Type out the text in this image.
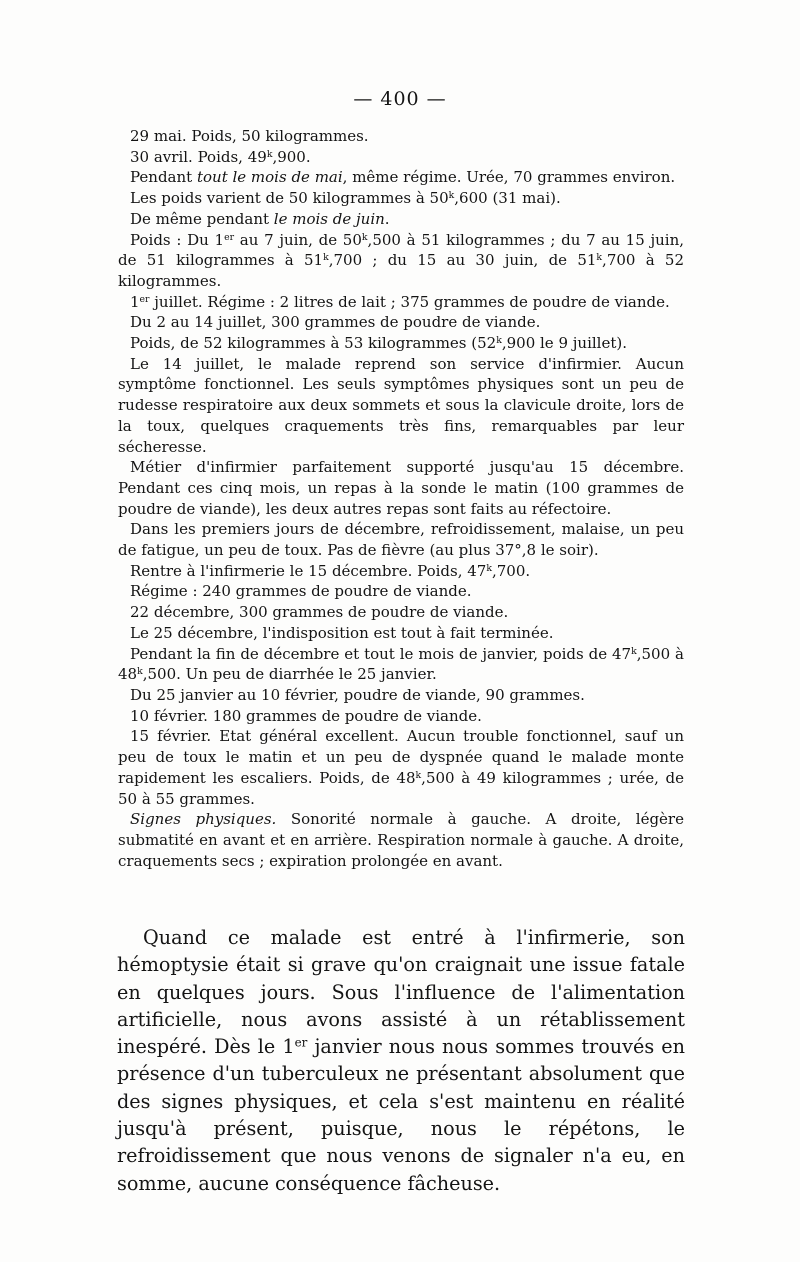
— 400 —

29 mai. Poids, 50 kilogrammes.

30 avril. Poids, 49$^k$,900.

Pendant tout le mois de mai, même régime. Urée, 70 grammes environ.

Les poids varient de 50 kilogrammes à 50$^k$,600 (31 mai).

De même pendant le mois de juin.

Poids : Du 1er au 7 juin, de 50$^k$,500 à 51 kilogrammes ; du 7 au 15 juin, de 51 kilogrammes à 51$^k$,700 ; du 15 au 30 juin, de 51$^k$,700 à 52 kilogrammes.

1er juillet. Régime : 2 litres de lait ; 375 grammes de poudre de viande.

Du 2 au 14 juillet, 300 grammes de poudre de viande.

Poids, de 52 kilogrammes à 53 kilogrammes (52$^k$,900 le 9 juillet).

Le 14 juillet, le malade reprend son service d'infirmier. Aucun symptôme fonctionnel. Les seuls symptômes physiques sont un peu de rudesse respiratoire aux deux sommets et sous la clavicule droite, lors de la toux, quelques craquements très fins, remarquables par leur sécheresse.

Métier d'infirmier parfaitement supporté jusqu'au 15 décembre. Pendant ces cinq mois, un repas à la sonde le matin (100 grammes de poudre de viande), les deux autres repas sont faits au réfectoire.

Dans les premiers jours de décembre, refroidissement, malaise, un peu de fatigue, un peu de toux. Pas de fièvre (au plus 37°,8 le soir).

Rentre à l'infirmerie le 15 décembre. Poids, 47$^k$,700.

Régime : 240 grammes de poudre de viande.

22 décembre, 300 grammes de poudre de viande.

Le 25 décembre, l'indisposition est tout à fait terminée.

Pendant la fin de décembre et tout le mois de janvier, poids de 47$^k$,500 à 48$^k$,500. Un peu de diarrhée le 25 janvier.

Du 25 janvier au 10 février, poudre de viande, 90 grammes.

10 février. 180 grammes de poudre de viande.

15 février. Etat général excellent. Aucun trouble fonctionnel, sauf un peu de toux le matin et un peu de dyspnée quand le malade monte rapidement les escaliers. Poids, de 48$^k$,500 à 49 kilogrammes ; urée, de 50 à 55 grammes.

Signes physiques. Sonorité normale à gauche. A droite, légère submatité en avant et en arrière. Respiration normale à gauche. A droite, craquements secs ; expiration prolongée en avant.

Quand ce malade est entré à l'infirmerie, son hémoptysie était si grave qu'on craignait une issue fatale en quelques jours. Sous l'influence de l'alimentation artificielle, nous avons assisté à un rétablissement inespéré. Dès le 1er janvier nous nous sommes trouvés en présence d'un tuberculeux ne présentant absolument que des signes physiques, et cela s'est maintenu en réalité jusqu'à présent, puisque, nous le répétons, le refroidissement que nous venons de signaler n'a eu, en somme, aucune conséquence fâcheuse.
